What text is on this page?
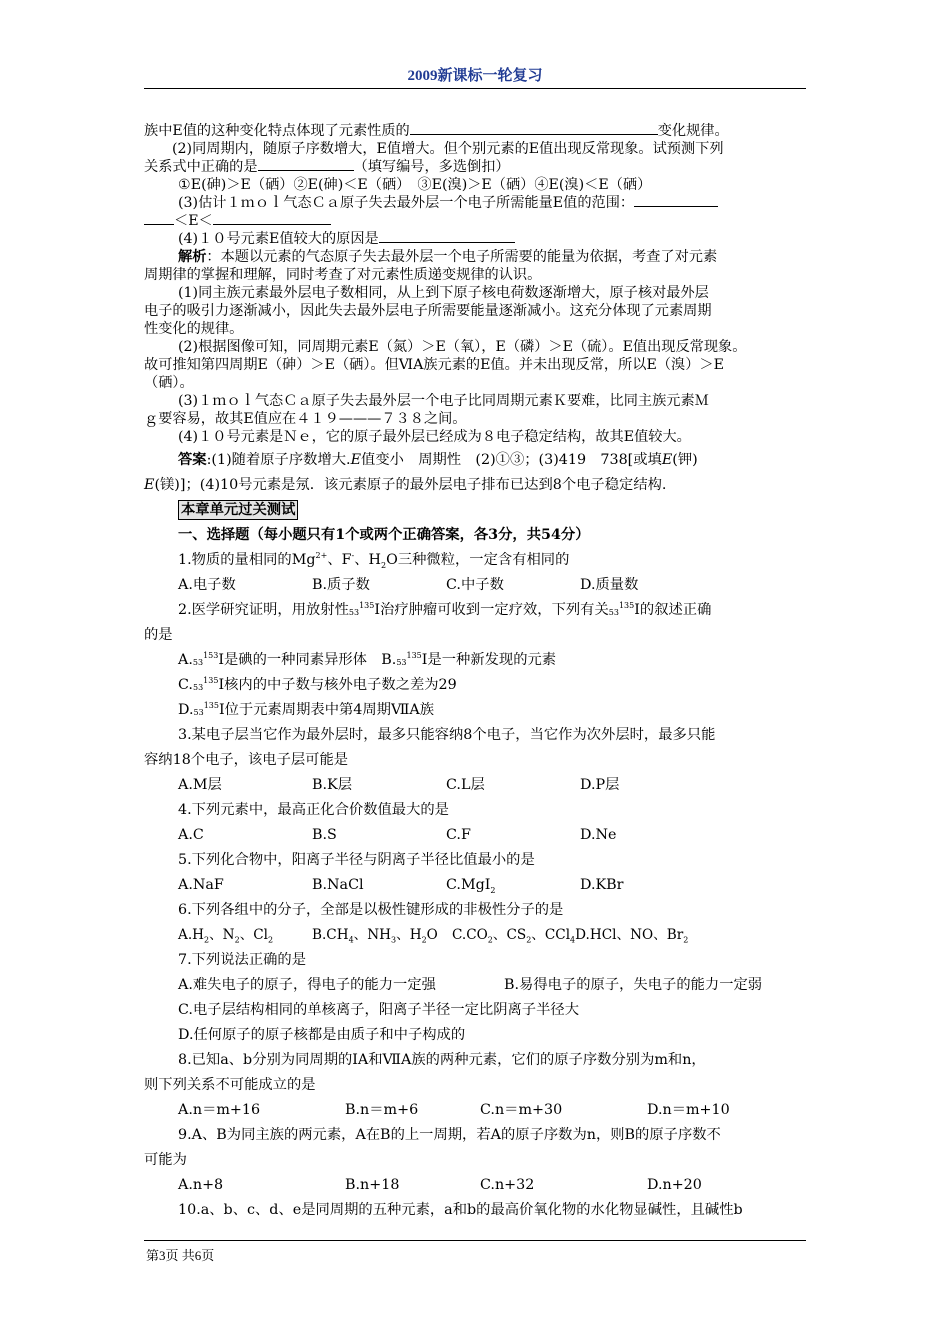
2009新课标一轮复习
族中E值的这种变化特点体现了元素性质的	变化规律。
(2)同周期内，随原子序数增大，E值增大。但个别元素的E值出现反常现象。试预测下列
关系式中正确的是	（填写编号，多选倒扣）
①E(砷)＞E（硒）②E(砷)＜E（硒）　③E(溴)＞E（硒）④E(溴)＜E（硒）
(3)估计１ｍｏｌ气态Ｃａ原子失去最外层一个电子所需能量E值的范围：
＜E＜
(4)１０号元素E值较大的原因是
解析：本题以元素的气态原子失去最外层一个电子所需要的能量为依据，考查了对元素
周期律的掌握和理解，同时考查了对元素性质递变规律的认识。
(1)同主族元素最外层电子数相同，从上到下原子核电荷数逐渐增大，原子核对最外层
电子的吸引力逐渐减小，因此失去最外层电子所需要能量逐渐减小。这充分体现了元素周期
性变化的规律。
(2)根据图像可知，同周期元素E（氮）＞E（氧），E（磷）＞E（硫）。E值出现反常现象。
故可推知第四周期E（砷）＞E（硒）。但ⅥA族元素的E值。并未出现反常，所以E（溴）＞E
（硒）。
(3)１ｍｏｌ气态Ｃａ原子失去最外层一个电子比同周期元素Ｋ要难，比同主族元素Ｍ
ｇ要容易，故其E值应在４１９———７３８之间。
(4)１０号元素是Ｎｅ，它的原子最外层已经成为８电子稳定结构，故其E值较大。
答案:(1)随着原子序数增大.E值变小　周期性　(2)①③；(3)419　738[或填E(钾)
E(镁)]；(4)10号元素是氖．该元素原子的最外层电子排布已达到8个电子稳定结构.
本章单元过关测试
一、选择题（每小题只有1个或两个正确答案，各3分，共54分）
1.物质的量相同的$Mg^{2+}$、F-、$H_2O$三种微粒，一定含有相同的
A.电子数	B.质子数	C.中子数	D.质量数
2.医学研究证明，用放射性$53^{135}I$治疗肿瘤可收到一定疗效，下列有关$53^{135}I$的叙述正确
的是
$A.53^{153}I$是碘的一种同素异形体　$B.53^{135}I$是一种新发现的元素
$C.53^{135}I$核内的中子数与核外电子数之差为29
$D.53^{135}I$位于元素周期表中第4周期ⅦA族
3.某电子层当它作为最外层时，最多只能容纳8个电子，当它作为次外层时，最多只能
容纳18个电子，该电子层可能是
A.M层	B.K层	C.L层	D.P层
4.下列元素中，最高正化合价数值最大的是
A.C	B.S	C.F	D.Ne
5.下列化合物中，阳离子半径与阴离子半径比值最小的是
A.NaF	B.NaCl	C.MgI$_2$	D.KBr
6.下列各组中的分子，全部是以极性键形成的非极性分子的是
$A.H_2$、$N_2$、$Cl_2$	$B.CH_4$、$NH_3$、$H_2O$ $C.CO_2$、$CS_2$、CCl$_4$D.HCl、NO、$Br_2$
7.下列说法正确的是
A.难失电子的原子，得电子的能力一定强	B.易得电子的原子，失电子的能力一定弱
C.电子层结构相同的单核离子，阳离子半径一定比阴离子半径大
D.任何原子的原子核都是由质子和中子构成的
8.已知a、b分别为同周期的ⅠA和ⅦA族的两种元素，它们的原子序数分别为m和n，
则下列关系不可能成立的是
A.n＝m+16	B.n＝m+6	C.n＝m+30	D.n＝m+10
9.A、B为同主族的两元素，A在B的上一周期，若A的原子序数为n，则B的原子序数不
可能为
A.n+8	B.n+18	C.n+32	D.n+20
10.a、b、c、d、e是同周期的五种元素，a和b的最高价氧化物的水化物显碱性，且碱性b
第3页 共6页
